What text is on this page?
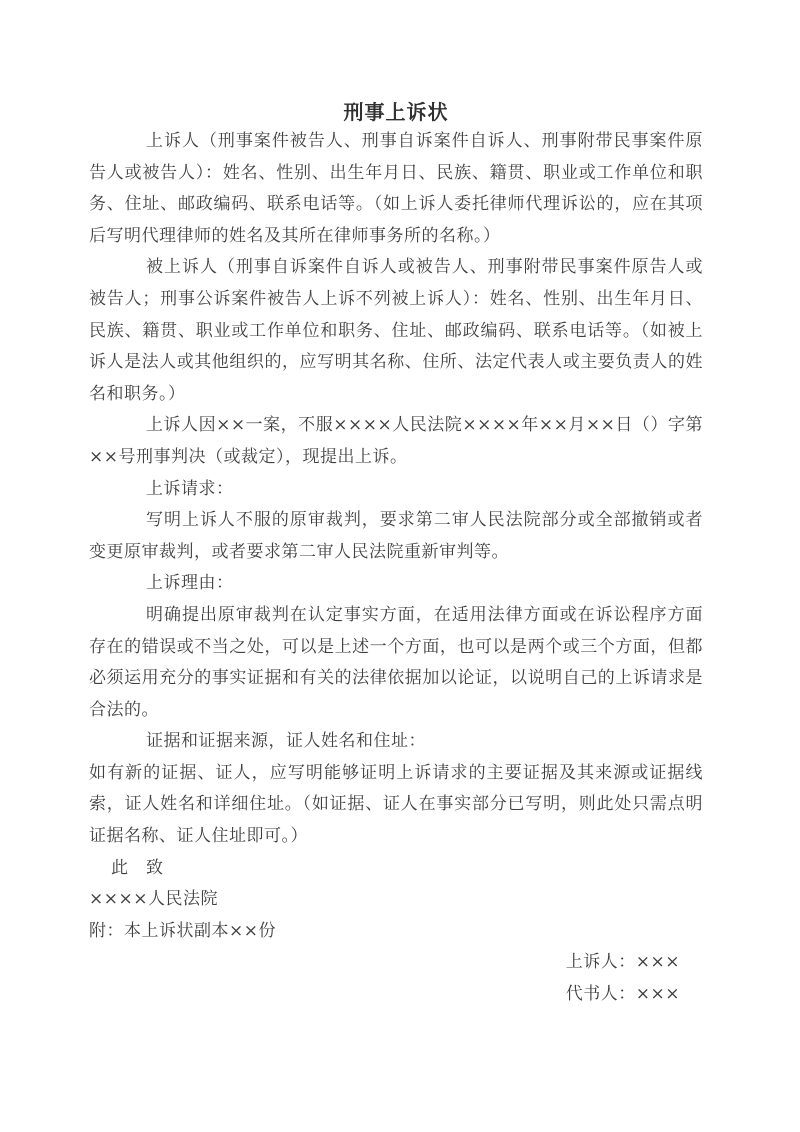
刑事上诉状

上诉人（刑事案件被告人、刑事自诉案件自诉人、刑事附带民事案件原告人或被告人）：姓名、性别、出生年月日、民族、籍贯、职业或工作单位和职务、住址、邮政编码、联系电话等。（如上诉人委托律师代理诉讼的，应在其项后写明代理律师的姓名及其所在律师事务所的名称。）

被上诉人（刑事自诉案件自诉人或被告人、刑事附带民事案件原告人或被告人；刑事公诉案件被告人上诉不列被上诉人）：姓名、性别、出生年月日、民族、籍贯、职业或工作单位和职务、住址、邮政编码、联系电话等。（如被上诉人是法人或其他组织的，应写明其名称、住所、法定代表人或主要负责人的姓名和职务。）

上诉人因××一案，不服××××人民法院××××年××月××日（）字第××号刑事判决（或裁定），现提出上诉。

上诉请求：

写明上诉人不服的原审裁判，要求第二审人民法院部分或全部撤销或者变更原审裁判，或者要求第二审人民法院重新审判等。

上诉理由：

明确提出原审裁判在认定事实方面，在适用法律方面或在诉讼程序方面存在的错误或不当之处，可以是上述一个方面，也可以是两个或三个方面，但都必须运用充分的事实证据和有关的法律依据加以论证，以说明自己的上诉请求是合法的。

证据和证据来源，证人姓名和住址：

如有新的证据、证人，应写明能够证明上诉请求的主要证据及其来源或证据线索，证人姓名和详细住址。（如证据、证人在事实部分已写明，则此处只需点明证据名称、证人住址即可。）

此　致

××××人民法院

附：本上诉状副本××份

上诉人：×××

代书人：×××
